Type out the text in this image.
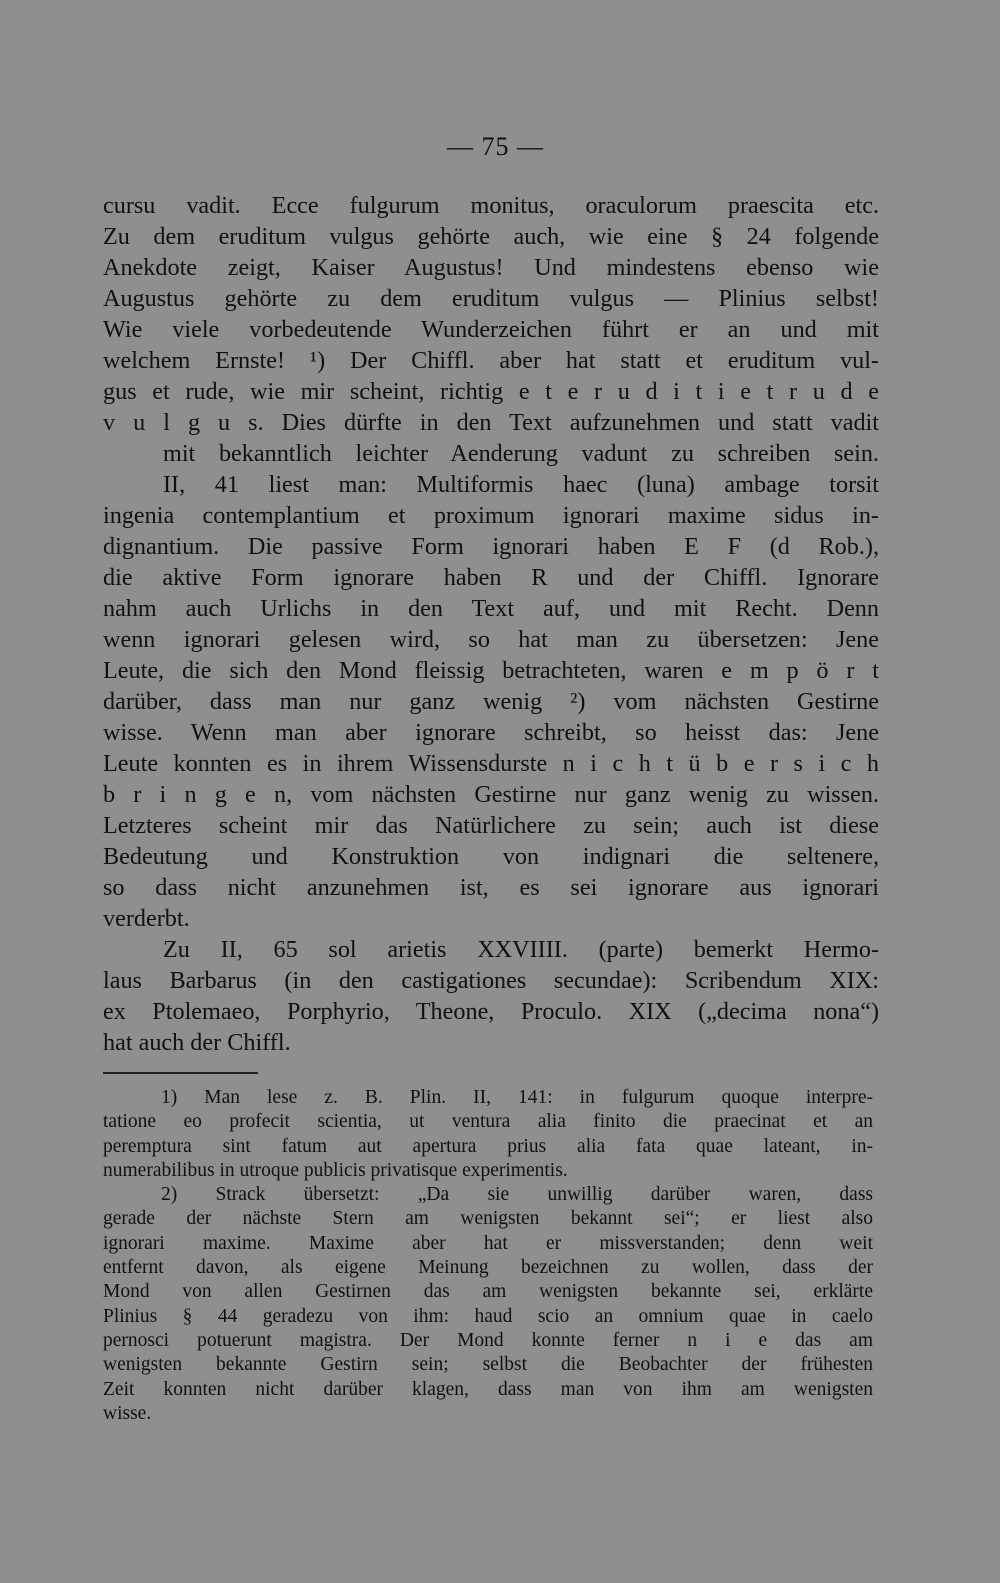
— 75 —
cursu vadit. Ecce fulgurum monitus, oraculorum praescita etc.
Zu dem eruditum vulgus gehörte auch, wie eine § 24 folgende
Anekdote zeigt, Kaiser Augustus! Und mindestens ebenso wie
Augustus gehörte zu dem eruditum vulgus — Plinius selbst!
Wie viele vorbedeutende Wunderzeichen führt er an und mit
welchem Ernste! ¹) Der Chiffl. aber hat statt et eruditum vul-
gus et rude, wie mir scheint, richtig e t e r u d i t i e t r u d e
v u l g u s. Dies dürfte in den Text aufzunehmen und statt vadit
mit bekanntlich leichter Aenderung vadunt zu schreiben sein.
II, 41 liest man: Multiformis haec (luna) ambage torsit
ingenia contemplantium et proximum ignorari maxime sidus in-
dignantium. Die passive Form ignorari haben E F (d Rob.),
die aktive Form ignorare haben R und der Chiffl. Ignorare
nahm auch Urlichs in den Text auf, und mit Recht. Denn
wenn ignorari gelesen wird, so hat man zu übersetzen: Jene
Leute, die sich den Mond fleissig betrachteten, waren e m p ö r t
darüber, dass man nur ganz wenig ²) vom nächsten Gestirne
wisse. Wenn man aber ignorare schreibt, so heisst das: Jene
Leute konnten es in ihrem Wissensdurste n i c h t ü b e r s i c h
b r i n g e n, vom nächsten Gestirne nur ganz wenig zu wissen.
Letzteres scheint mir das Natürlichere zu sein; auch ist diese
Bedeutung und Konstruktion von indignari die seltenere,
so dass nicht anzunehmen ist, es sei ignorare aus ignorari
verderbt.
Zu II, 65 sol arietis XXVIIII. (parte) bemerkt Hermo-
laus Barbarus (in den castigationes secundae): Scribendum XIX:
ex Ptolemaeo, Porphyrio, Theone, Proculo. XIX („decima nona“)
hat auch der Chiffl.
1) Man lese z. B. Plin. II, 141: in fulgurum quoque interpre-
tatione eo profecit scientia, ut ventura alia finito die praecinat et an
peremptura sint fatum aut apertura prius alia fata quae lateant, in-
numerabilibus in utroque publicis privatisque experimentis.
2) Strack übersetzt: „Da sie unwillig darüber waren, dass
gerade der nächste Stern am wenigsten bekannt sei“; er liest also
ignorari maxime. Maxime aber hat er missverstanden; denn weit
entfernt davon, als eigene Meinung bezeichnen zu wollen, dass der
Mond von allen Gestirnen das am wenigsten bekannte sei, erklärte
Plinius § 44 geradezu von ihm: haud scio an omnium quae in caelo
pernosci potuerunt magistra. Der Mond konnte ferner n i e das am
wenigsten bekannte Gestirn sein; selbst die Beobachter der frühesten
Zeit konnten nicht darüber klagen, dass man von ihm am wenigsten
wisse.
